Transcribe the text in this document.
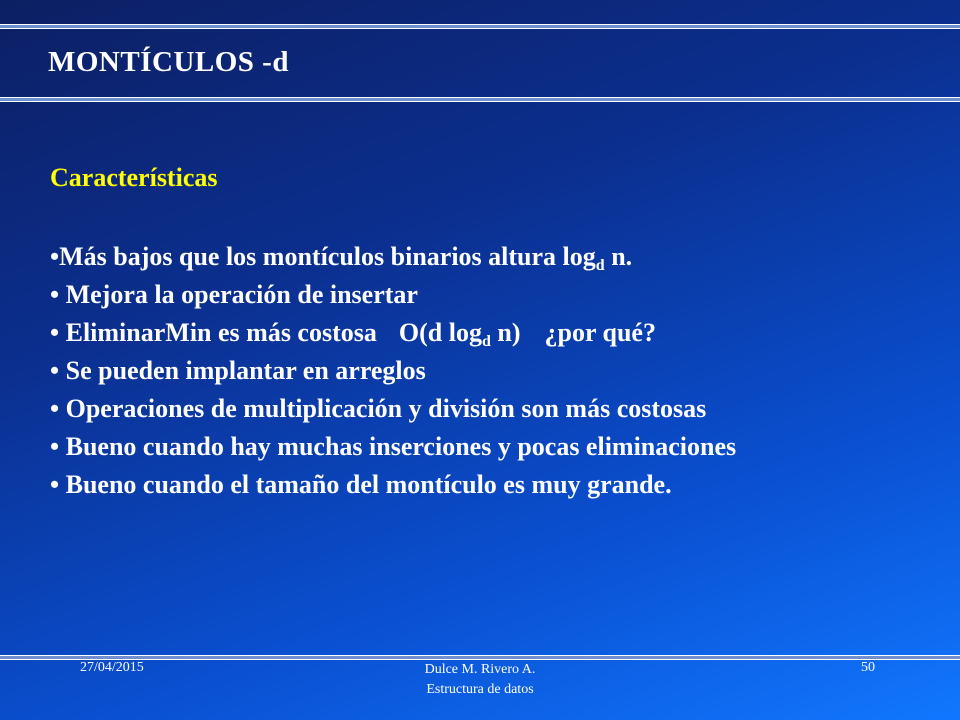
MONTÍCULOS -d
Características
•Más bajos que los montículos binarios altura $\log_d n$.
• Mejora la operación de insertar
• EliminarMin es más costosa O(d $\log_d n$) ¿por qué?
• Se pueden implantar en arreglos
• Operaciones de multiplicación y división son más costosas
• Bueno cuando hay muchas inserciones y pocas eliminaciones
• Bueno cuando el tamaño del montículo es muy grande.
27/04/2015	Dulce M. Rivero A.
Estructura de datos
50
